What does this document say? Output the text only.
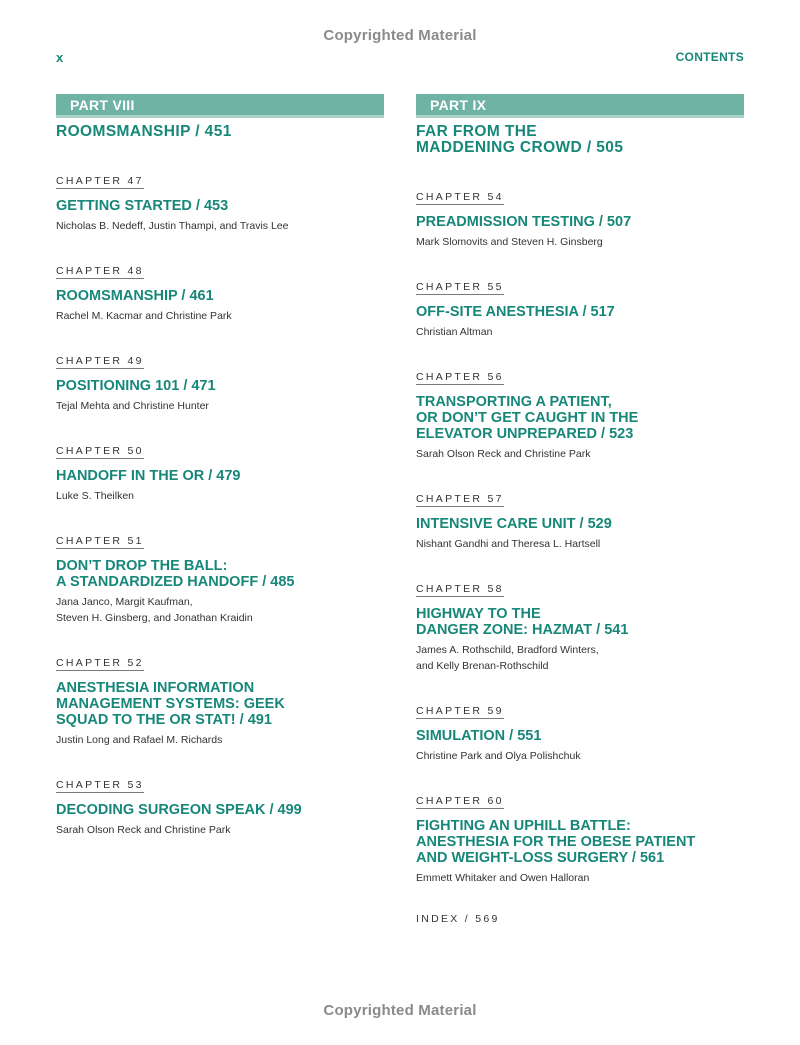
Copyrighted Material
x	CONTENTS
PART VIII
ROOMSMANSHIP / 451
CHAPTER 47
GETTING STARTED / 453
Nicholas B. Nedeff, Justin Thampi, and Travis Lee
CHAPTER 48
ROOMSMANSHIP / 461
Rachel M. Kacmar and Christine Park
CHAPTER 49
POSITIONING 101 / 471
Tejal Mehta and Christine Hunter
CHAPTER 50
HANDOFF IN THE OR / 479
Luke S. Theilken
CHAPTER 51
DON’T DROP THE BALL:
A STANDARDIZED HANDOFF / 485
Jana Janco, Margit Kaufman,
Steven H. Ginsberg, and Jonathan Kraidin
CHAPTER 52
ANESTHESIA INFORMATION
MANAGEMENT SYSTEMS: GEEK
SQUAD TO THE OR STAT! / 491
Justin Long and Rafael M. Richards
CHAPTER 53
DECODING SURGEON SPEAK / 499
Sarah Olson Reck and Christine Park
PART IX
FAR FROM THE
MADDENING CROWD / 505
CHAPTER 54
PREADMISSION TESTING / 507
Mark Slomovits and Steven H. Ginsberg
CHAPTER 55
OFF-SITE ANESTHESIA / 517
Christian Altman
CHAPTER 56
TRANSPORTING A PATIENT,
OR DON’T GET CAUGHT IN THE
ELEVATOR UNPREPARED / 523
Sarah Olson Reck and Christine Park
CHAPTER 57
INTENSIVE CARE UNIT / 529
Nishant Gandhi and Theresa L. Hartsell
CHAPTER 58
HIGHWAY TO THE
DANGER ZONE: HAZMAT / 541
James A. Rothschild, Bradford Winters,
and Kelly Brenan-Rothschild
CHAPTER 59
SIMULATION / 551
Christine Park and Olya Polishchuk
CHAPTER 60
FIGHTING AN UPHILL BATTLE:
ANESTHESIA FOR THE OBESE PATIENT
AND WEIGHT-LOSS SURGERY / 561
Emmett Whitaker and Owen Halloran
INDEX / 569
Copyrighted Material
